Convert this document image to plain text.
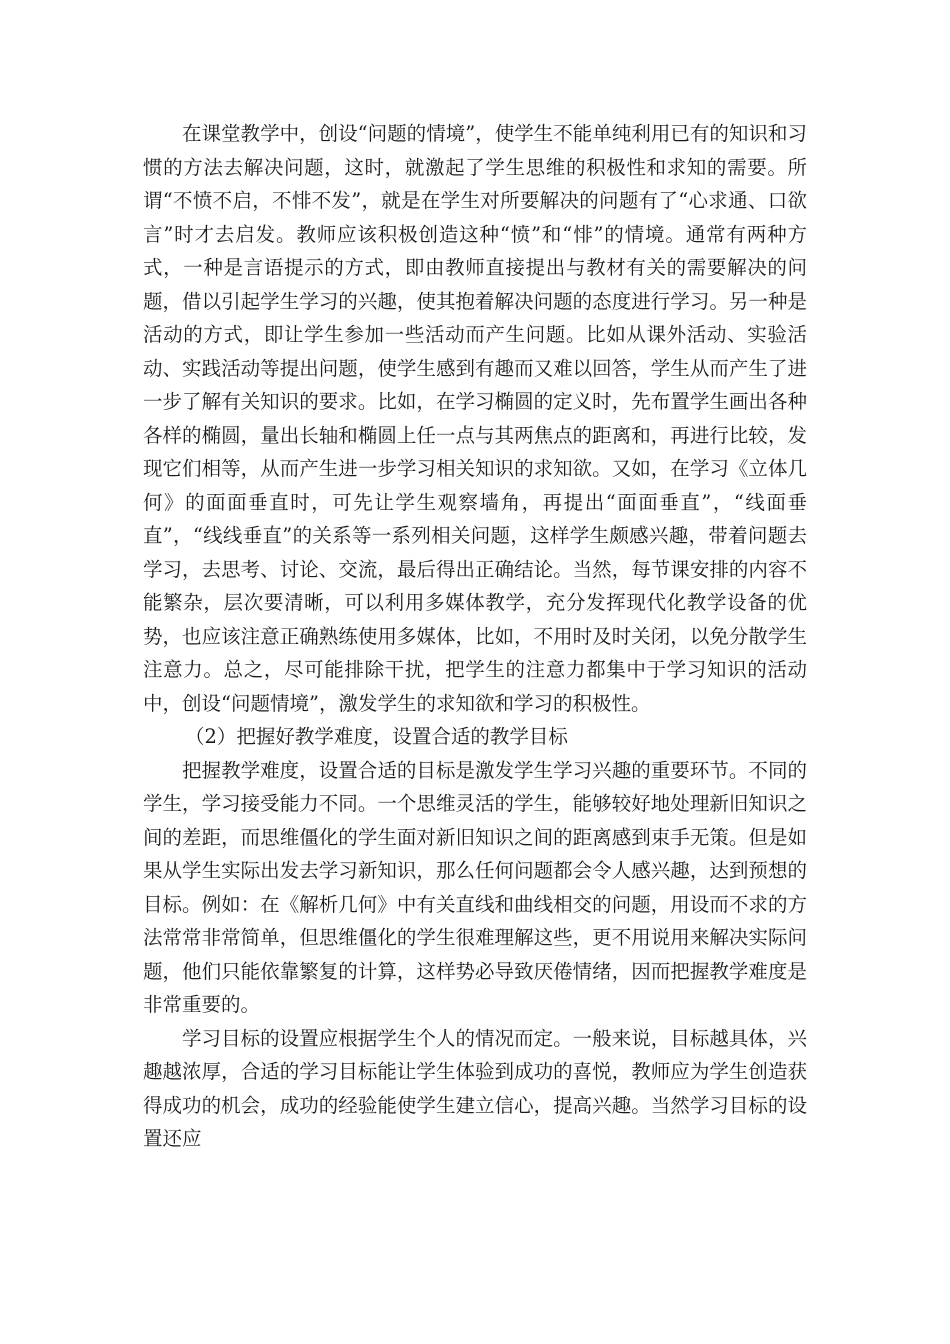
在课堂教学中，创设“问题的情境”，使学生不能单纯利用已有的知识和习惯的方法去解决问题，这时，就激起了学生思维的积极性和求知的需要。所谓“不愤不启，不悱不发”，就是在学生对所要解决的问题有了“心求通、口欲言”时才去启发。教师应该积极创造这种“愤”和“悱”的情境。通常有两种方式，一种是言语提示的方式，即由教师直接提出与教材有关的需要解决的问题，借以引起学生学习的兴趣，使其抱着解决问题的态度进行学习。另一种是活动的方式，即让学生参加一些活动而产生问题。比如从课外活动、实验活动、实践活动等提出问题，使学生感到有趣而又难以回答，学生从而产生了进一步了解有关知识的要求。比如，在学习椭圆的定义时，先布置学生画出各种各样的椭圆，量出长轴和椭圆上任一点与其两焦点的距离和，再进行比较，发现它们相等，从而产生进一步学习相关知识的求知欲。又如，在学习《立体几何》的面面垂直时，可先让学生观察墙角，再提出“面面垂直”，“线面垂直”，“线线垂直”的关系等一系列相关问题，这样学生颇感兴趣，带着问题去学习，去思考、讨论、交流，最后得出正确结论。当然，每节课安排的内容不能繁杂，层次要清晰，可以利用多媒体教学，充分发挥现代化教学设备的优势，也应该注意正确熟练使用多媒体，比如，不用时及时关闭，以免分散学生注意力。总之，尽可能排除干扰，把学生的注意力都集中于学习知识的活动中，创设“问题情境”，激发学生的求知欲和学习的积极性。

（2）把握好教学难度，设置合适的教学目标

把握教学难度，设置合适的目标是激发学生学习兴趣的重要环节。不同的学生，学习接受能力不同。一个思维灵活的学生，能够较好地处理新旧知识之间的差距，而思维僵化的学生面对新旧知识之间的距离感到束手无策。但是如果从学生实际出发去学习新知识，那么任何问题都会令人感兴趣，达到预想的目标。例如：在《解析几何》中有关直线和曲线相交的问题，用设而不求的方法常常非常简单，但思维僵化的学生很难理解这些，更不用说用来解决实际问题，他们只能依靠繁复的计算，这样势必导致厌倦情绪，因而把握教学难度是非常重要的。

学习目标的设置应根据学生个人的情况而定。一般来说，目标越具体，兴趣越浓厚，合适的学习目标能让学生体验到成功的喜悦，教师应为学生创造获得成功的机会，成功的经验能使学生建立信心，提高兴趣。当然学习目标的设置还应
